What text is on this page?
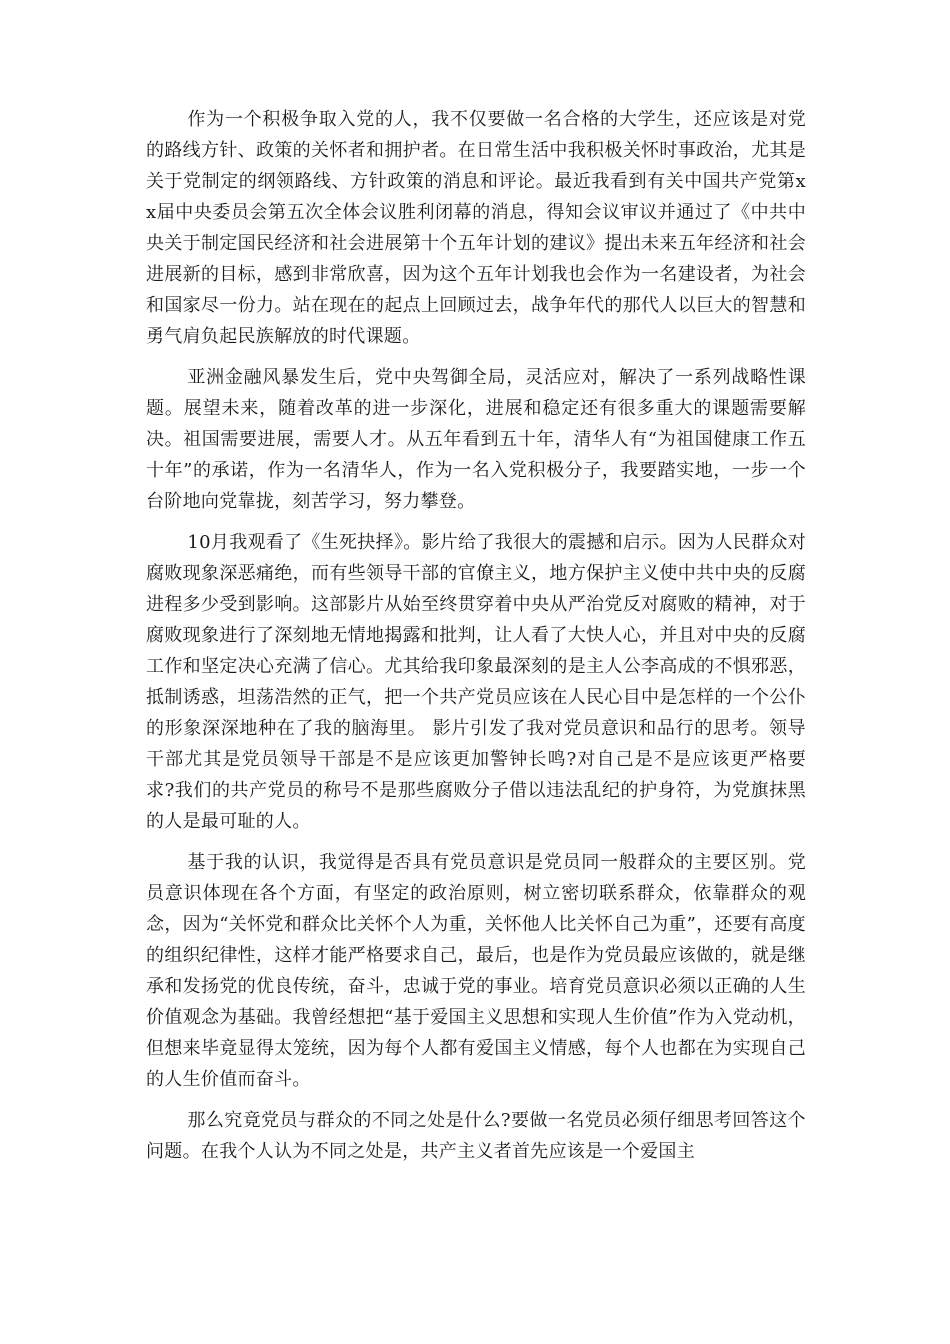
作为一个积极争取入党的人，我不仅要做一名合格的大学生，还应该是对党的路线方针、政策的关怀者和拥护者。在日常生活中我积极关怀时事政治，尤其是关于党制定的纲领路线、方针政策的消息和评论。最近我看到有关中国共产党第xx届中央委员会第五次全体会议胜利闭幕的消息，得知会议审议并通过了《中共中央关于制定国民经济和社会进展第十个五年计划的建议》提出未来五年经济和社会进展新的目标，感到非常欣喜，因为这个五年计划我也会作为一名建设者，为社会和国家尽一份力。站在现在的起点上回顾过去，战争年代的那代人以巨大的智慧和勇气肩负起民族解放的时代课题。

亚洲金融风暴发生后，党中央驾御全局，灵活应对，解决了一系列战略性课题。展望未来，随着改革的进一步深化，进展和稳定还有很多重大的课题需要解决。祖国需要进展，需要人才。从五年看到五十年，清华人有“为祖国健康工作五十年”的承诺，作为一名清华人，作为一名入党积极分子，我要踏实地，一步一个台阶地向党靠拢，刻苦学习，努力攀登。

10月我观看了《生死抉择》。影片给了我很大的震撼和启示。因为人民群众对腐败现象深恶痛绝，而有些领导干部的官僚主义，地方保护主义使中共中央的反腐进程多少受到影响。这部影片从始至终贯穿着中央从严治党反对腐败的精神，对于腐败现象进行了深刻地无情地揭露和批判，让人看了大快人心，并且对中央的反腐工作和坚定决心充满了信心。尤其给我印象最深刻的是主人公李高成的不惧邪恶，抵制诱惑，坦荡浩然的正气，把一个共产党员应该在人民心目中是怎样的一个公仆的形象深深地种在了我的脑海里。 影片引发了我对党员意识和品行的思考。领导干部尤其是党员领导干部是不是应该更加警钟长鸣?对自己是不是应该更严格要求?我们的共产党员的称号不是那些腐败分子借以违法乱纪的护身符，为党旗抹黑的人是最可耻的人。

基于我的认识，我觉得是否具有党员意识是党员同一般群众的主要区别。党员意识体现在各个方面，有坚定的政治原则，树立密切联系群众，依靠群众的观念，因为“关怀党和群众比关怀个人为重，关怀他人比关怀自己为重”，还要有高度的组织纪律性，这样才能严格要求自己，最后，也是作为党员最应该做的，就是继承和发扬党的优良传统，奋斗，忠诚于党的事业。培育党员意识必须以正确的人生价值观念为基础。我曾经想把“基于爱国主义思想和实现人生价值”作为入党动机，但想来毕竟显得太笼统，因为每个人都有爱国主义情感，每个人也都在为实现自己的人生价值而奋斗。

那么究竟党员与群众的不同之处是什么?要做一名党员必须仔细思考回答这个问题。在我个人认为不同之处是，共产主义者首先应该是一个爱国主
